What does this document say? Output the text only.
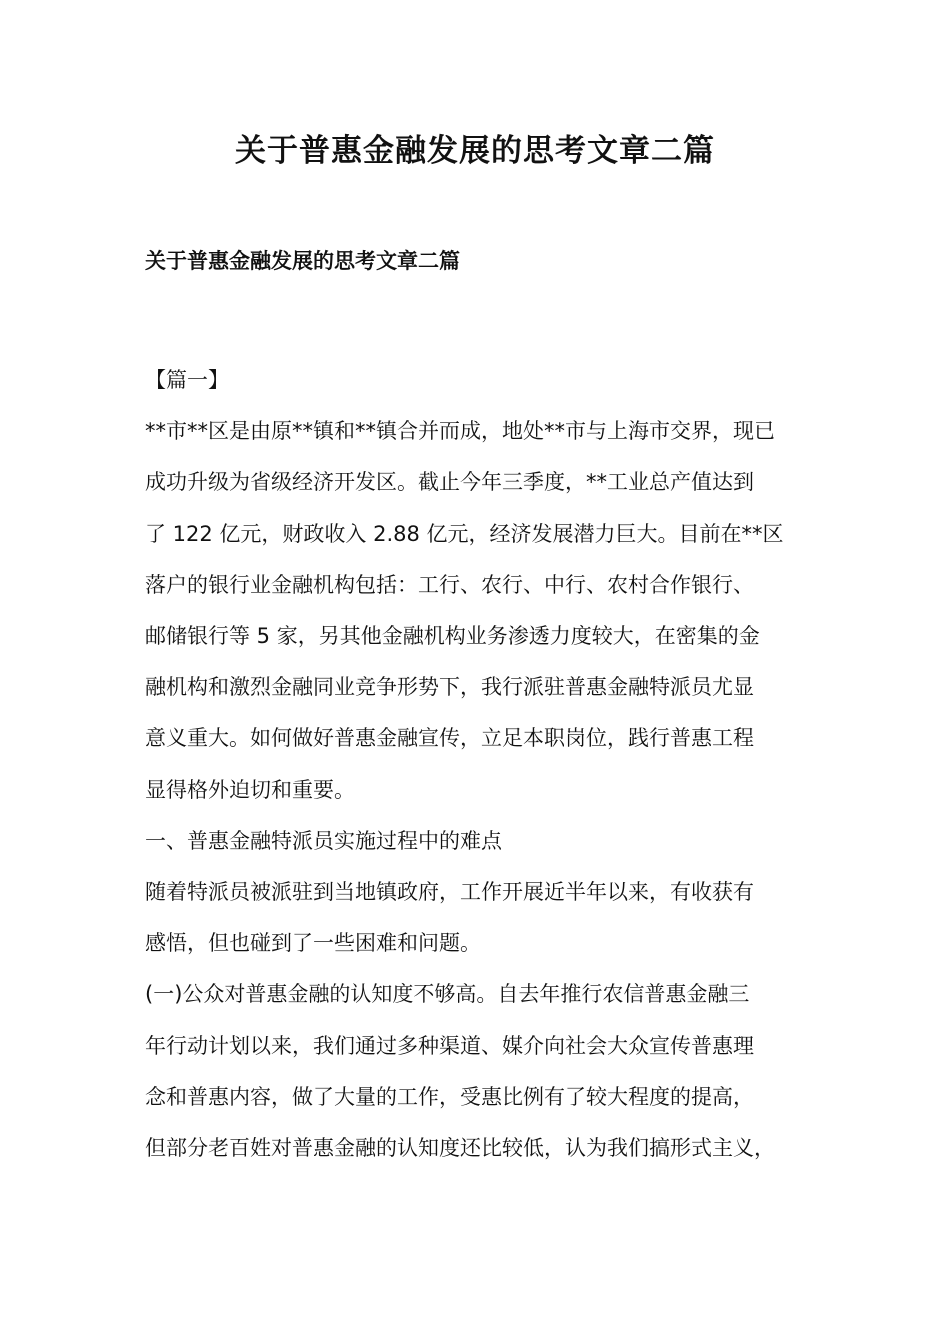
关于普惠金融发展的思考文章二篇
关于普惠金融发展的思考文章二篇

【篇一】

**市**区是由原**镇和**镇合并而成，地处**市与上海市交界，现已
成功升级为省级经济开发区。截止今年三季度，**工业总产值达到
了 122 亿元，财政收入 2.88 亿元，经济发展潜力巨大。目前在**区
落户的银行业金融机构包括：工行、农行、中行、农村合作银行、
邮储银行等 5 家，另其他金融机构业务渗透力度较大，在密集的金
融机构和激烈金融同业竞争形势下，我行派驻普惠金融特派员尤显
意义重大。如何做好普惠金融宣传，立足本职岗位，践行普惠工程
显得格外迫切和重要。

一、普惠金融特派员实施过程中的难点

随着特派员被派驻到当地镇政府，工作开展近半年以来，有收获有
感悟，但也碰到了一些困难和问题。

(一)公众对普惠金融的认知度不够高。自去年推行农信普惠金融三
年行动计划以来，我们通过多种渠道、媒介向社会大众宣传普惠理
念和普惠内容，做了大量的工作，受惠比例有了较大程度的提高，
但部分老百姓对普惠金融的认知度还比较低，认为我们搞形式主义，
